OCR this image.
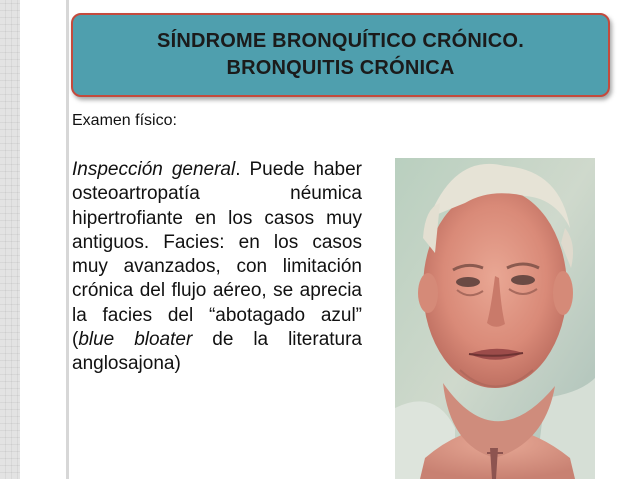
SÍNDROME BRONQUÍTICO CRÓNICO.
BRONQUITIS CRÓNICA
Examen físico:
Inspección general. Puede haber osteoartropatía néumica hipertrofiante en los casos muy antiguos. Facies: en los casos muy avanzados, con limitación crónica del flujo aéreo, se aprecia la facies del “abotagado azul” (blue bloater de la literatura anglosajona)
